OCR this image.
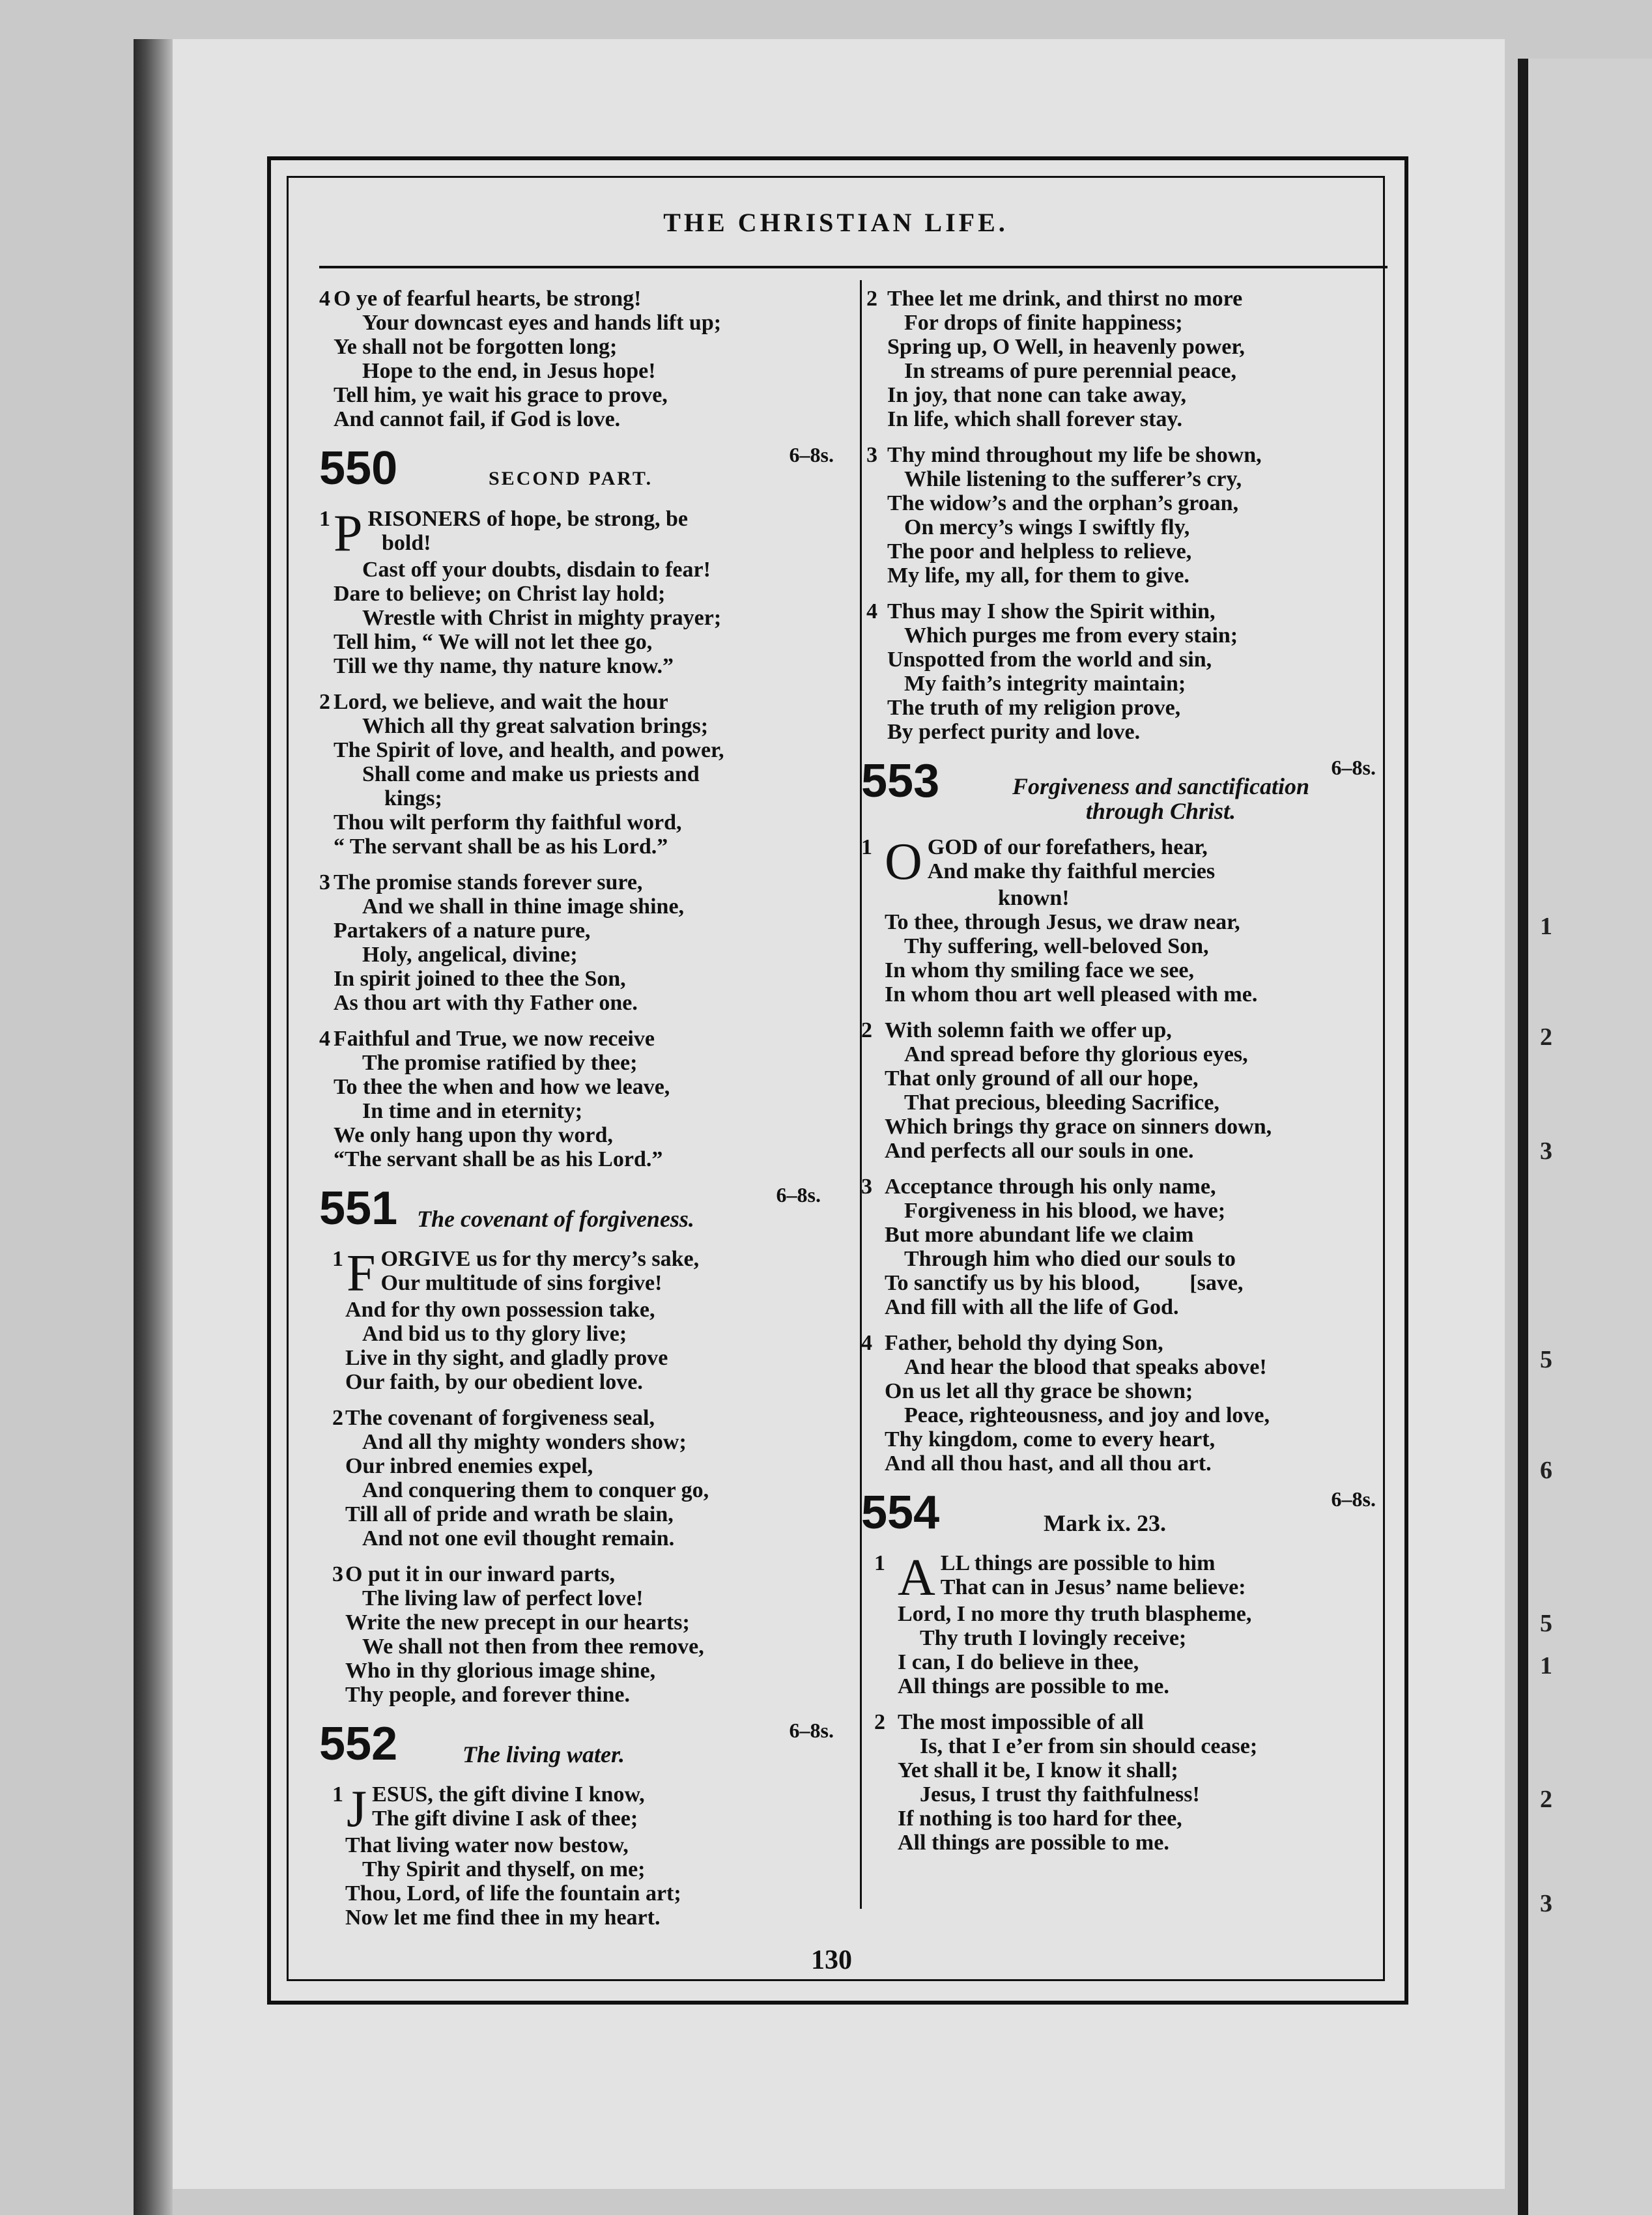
1
2
3
5
6
5
1
2
3
THE CHRISTIAN LIFE.
4 O ye of fearful hearts, be strong!
Your downcast eyes and hands lift up;
Ye shall not be forgotten long;
Hope to the end, in Jesus hope!
Tell him, ye wait his grace to prove,
And cannot fail, if God is love.
550	SECOND PART.
6–8s.
1 P RISONERS of hope, be strong, be
bold!
Cast off your doubts, disdain to fear!
Dare to believe; on Christ lay hold;
Wrestle with Christ in mighty prayer;
Tell him, “ We will not let thee go,
Till we thy name, thy nature know.”
2 Lord, we believe, and wait the hour
Which all thy great salvation brings;
The Spirit of love, and health, and power,
Shall come and make us priests and
kings;
Thou wilt perform thy faithful word,
“ The servant shall be as his Lord.”
3 The promise stands forever sure,
And we shall in thine image shine,
Partakers of a nature pure,
Holy, angelical, divine;
In spirit joined to thee the Son,
As thou art with thy Father one.
4 Faithful and True, we now receive
The promise ratified by thee;
To thee the when and how we leave,
In time and in eternity;
We only hang upon thy word,
“The servant shall be as his Lord.”
551 The covenant of forgiveness.
6–8s.
1 F ORGIVE us for thy mercy’s sake,
Our multitude of sins forgive!
And for thy own possession take,
And bid us to thy glory live;
Live in thy sight, and gladly prove
Our faith, by our obedient love.
2 The covenant of forgiveness seal,
And all thy mighty wonders show;
Our inbred enemies expel,
And conquering them to conquer go,
Till all of pride and wrath be slain,
And not one evil thought remain.
3 O put it in our inward parts,
The living law of perfect love!
Write the new precept in our hearts;
We shall not then from thee remove,
Who in thy glorious image shine,
Thy people, and forever thine.
552	The living water.
6–8s.
1 J ESUS, the gift divine I know,
The gift divine I ask of thee;
That living water now bestow,
Thy Spirit and thyself, on me;
Thou, Lord, of life the fountain art;
Now let me find thee in my heart.
2 Thee let me drink, and thirst no more
For drops of finite happiness;
Spring up, O Well, in heavenly power,
In streams of pure perennial peace,
In joy, that none can take away,
In life, which shall forever stay.
3 Thy mind throughout my life be shown,
While listening to the sufferer’s cry,
The widow’s and the orphan’s groan,
On mercy’s wings I swiftly fly,
The poor and helpless to relieve,
My life, my all, for them to give.
4 Thus may I show the Spirit within,
Which purges me from every stain;
Unspotted from the world and sin,
My faith’s integrity maintain;
The truth of my religion prove,
By perfect purity and love.
553	Forgiveness and sanctification
through Christ.
6–8s.
1 O GOD of our forefathers, hear,
And make thy faithful mercies
known!
To thee, through Jesus, we draw near,
Thy suffering, well-beloved Son,
In whom thy smiling face we see,
In whom thou art well pleased with me.
2 With solemn faith we offer up,
And spread before thy glorious eyes,
That only ground of all our hope,
That precious, bleeding Sacrifice,
Which brings thy grace on sinners down,
And perfects all our souls in one.
3 Acceptance through his only name,
Forgiveness in his blood, we have;
But more abundant life we claim
Through him who died our souls to
To sanctify us by his blood,         [save,
And fill with all the life of God.
4 Father, behold thy dying Son,
And hear the blood that speaks above!
On us let all thy grace be shown;
Peace, righteousness, and joy and love,
Thy kingdom, come to every heart,
And all thou hast, and all thou art.
554	Mark ix. 23.
6–8s.
1 A LL things are possible to him
That can in Jesus’ name believe:
Lord, I no more thy truth blaspheme,
Thy truth I lovingly receive;
I can, I do believe in thee,
All things are possible to me.
2 The most impossible of all
Is, that I e’er from sin should cease;
Yet shall it be, I know it shall;
Jesus, I trust thy faithfulness!
If nothing is too hard for thee,
All things are possible to me.
130
